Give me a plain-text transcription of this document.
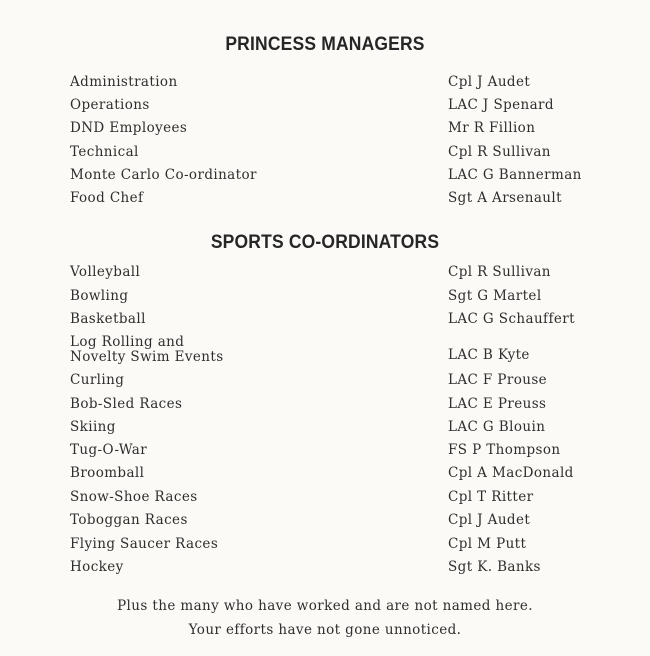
PRINCESS MANAGERS
Administration	Cpl J Audet
Operations	LAC J Spenard
DND Employees	Mr R Fillion
Technical	Cpl R Sullivan
Monte Carlo Co-ordinator	LAC G Bannerman
Food Chef	Sgt A Arsenault
SPORTS CO-ORDINATORS
Volleyball	Cpl R Sullivan
Bowling	Sgt G Martel
Basketball	LAC G Schauffert
Log Rolling and
Novelty Swim Events	LAC B Kyte
Curling	LAC F Prouse
Bob-Sled Races	LAC E Preuss
Skiing	LAC G Blouin
Tug-O-War	FS P Thompson
Broomball	Cpl A MacDonald
Snow-Shoe Races	Cpl T Ritter
Toboggan Races	Cpl J Audet
Flying Saucer Races	Cpl M Putt
Hockey	Sgt K. Banks
Plus the many who have worked and are not named here.
Your efforts have not gone unnoticed.
